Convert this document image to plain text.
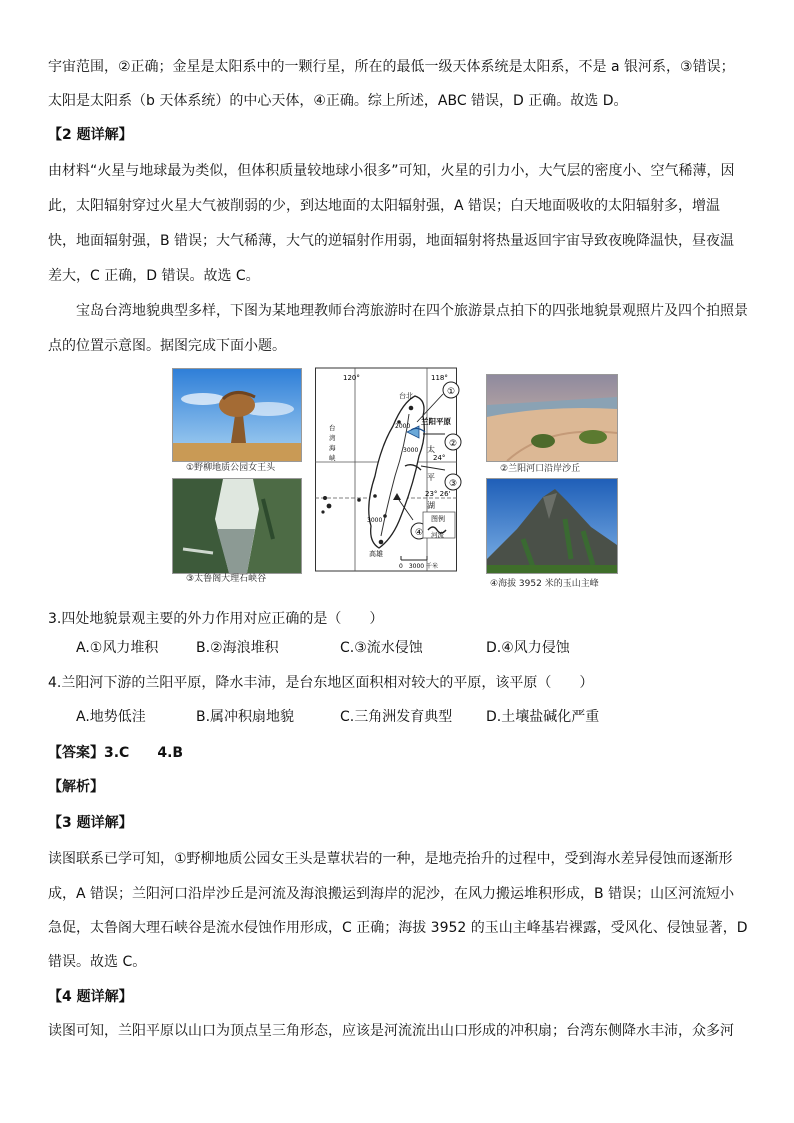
宇宙范围，②正确；金星是太阳系中的一颗行星，所在的最低一级天体系统是太阳系，不是 a 银河系，③错误；

太阳是太阳系（b 天体系统）的中心天体，④正确。综上所述，ABC 错误，D 正确。故选 D。

【2 题详解】

由材料“火星与地球最为类似，但体积质量较地球小很多”可知，火星的引力小，大气层的密度小、空气稀薄，因

此，太阳辐射穿过火星大气被削弱的少，到达地面的太阳辐射强，A 错误；白天地面吸收的太阳辐射多，增温

快，地面辐射强，B 错误；大气稀薄，大气的逆辐射作用弱，地面辐射将热量返回宇宙导致夜晚降温快，昼夜温

差大，C 正确，D 错误。故选 C。

宝岛台湾地貌典型多样，下图为某地理教师台湾旅游时在四个旅游景点拍下的四张地貌景观照片及四个拍照景

点的位置示意图。据图完成下面小题。

①野柳地质公园女王头
③太鲁阁大理石峡谷
120°	118°
台北
兰阳平原
2000
3000
3000
24°
23° 26'
太
平
湖
台
湾
海
峡
高雄
图例
河流
0　3000 千米
①
②
③
④
②兰阳河口沿岸沙丘
④海拔 3952 米的玉山主峰

3.四处地貌景观主要的外力作用对应正确的是（　　）

A.①风力堆积	B.②海浪堆积	C.③流水侵蚀	D.④风力侵蚀

4.兰阳河下游的兰阳平原，降水丰沛，是台东地区面积相对较大的平原，该平原（　　）

A.地势低洼	B.属冲积扇地貌	C.三角洲发育典型 D.土壤盐碱化严重

【答案】3.C　　4.B

【解析】

【3 题详解】

读图联系已学可知，①野柳地质公园女王头是蕈状岩的一种，是地壳抬升的过程中，受到海水差异侵蚀而逐渐形

成，A 错误；兰阳河口沿岸沙丘是河流及海浪搬运到海岸的泥沙，在风力搬运堆积形成，B 错误；山区河流短小

急促，太鲁阁大理石峡谷是流水侵蚀作用形成，C 正确；海拔 3952 的玉山主峰基岩裸露，受风化、侵蚀显著，D

错误。故选 C。

【4 题详解】

读图可知，兰阳平原以山口为顶点呈三角形态，应该是河流流出山口形成的冲积扇；台湾东侧降水丰沛，众多河
